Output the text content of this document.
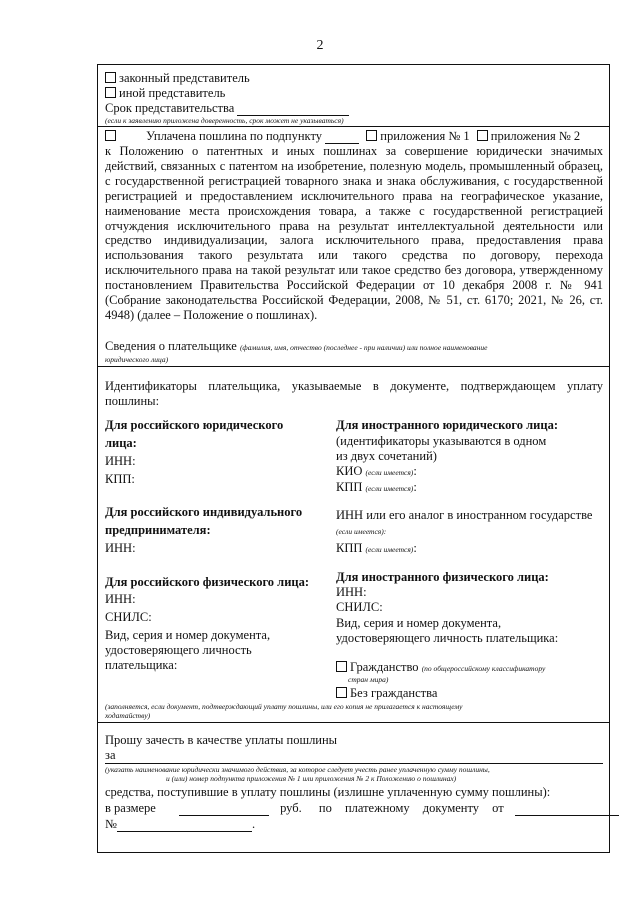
2
законный представитель
иной представитель
Срок представительства
(если к заявлению приложена доверенность, срок может не указываться)
Уплачена пошлина по подпункту	приложения № 1 приложения № 2
к Положению о патентных и иных пошлинах за совершение юридически значимых действий, связанных с патентом на изобретение, полезную модель, промышленный образец, с государственной регистрацией товарного знака и знака обслуживания, с государственной регистрацией и предоставлением исключительного права на географическое указание, наименование места происхождения товара, а также с государственной регистрацией отчуждения исключительного права на результат интеллектуальной деятельности или средство индивидуализации, залога исключительного права, предоставления права использования такого результата или такого средства по договору, перехода исключительного права на такой результат или такое средство без договора, утвержденному постановлением Правительства Российской Федерации от 10 декабря 2008 г. № 941 (Собрание законодательства Российской Федерации, 2008, № 51, ст. 6170; 2021, № 26, ст. 4948) (далее – Положение о пошлинах).
Сведения о плательщике (фамилия, имя, отчество (последнее - при наличии) или полное наименование
юридического лица)
Идентификаторы плательщика, указываемые в документе, подтверждающем уплату
пошлины:
Для российского юридического
лица:
ИНН:
КПП:
Для российского индивидуального
предпринимателя:
ИНН:
Для российского физического лица:
ИНН:
СНИЛС:
Вид, серия и номер документа,
удостоверяющего личность
плательщика:
Для иностранного юридического лица:
(идентификаторы указываются в одном
из двух сочетаний)
КИО (если имеется):
КПП (если имеется):
ИНН или его аналог в иностранном государстве
(если имеется):
КПП (если имеется):
Для иностранного физического лица:
ИНН:
СНИЛС:
Вид, серия и номер документа,
удостоверяющего личность плательщика:
Гражданство (по общероссийскому классификатору
стран мира)
Без гражданства
(заполняется, если документ, подтверждающий уплату пошлины, или его копия не прилагается к настоящему
ходатайству)
Прошу зачесть в качестве уплаты пошлины
за
(указать наименование юридически значимого действия, за которое следует учесть ранее уплаченную сумму пошлины,
и (или) номер подпункта приложения № 1 или приложения № 2 к Положению о пошлинах)
средства, поступившие в уплату пошлины (излишне уплаченную сумму пошлины):
в размере	руб. по платежному документу от
№	.
